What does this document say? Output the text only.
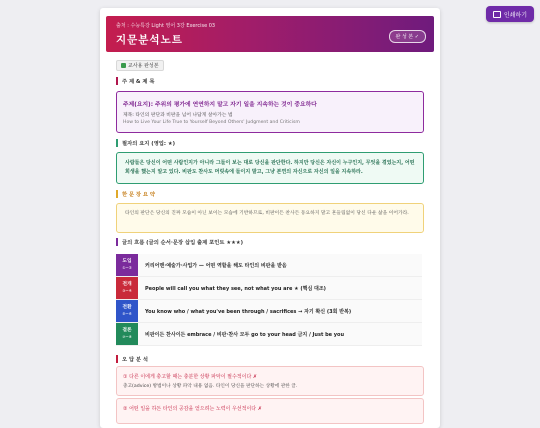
인쇄하기
출처 : 수능특강 Light 영어 3강 Exercise 03
지문분석노트	완 성 본 ✓
교사용 완성본
주 제 & 제 목
주제(요지): 주위의 평가에 연연하지 말고 자기 일을 지속하는 것이 중요하다
제목: 타인의 판단과 비판을 넘어 나답게 살아가는 법
How to Live Your Life True to Yourself Beyond Others' Judgment and Criticism
필자의 요지 (영업: ★)
사람들은 당신이 어떤 사람인지가 아니라 그들이 보는 대로 당신을 판단한다. 하지만 당신은 자신이 누구인지, 무엇을 겪었는지, 어떤 희생을 했는지 알고 있다. 비판도 찬사도 머릿속에 들이지 말고, 그냥 본연의 자신으로 자신의 일을 지속하라.
한 문 장 요 약
타인의 판단은 당신의 진짜 모습이 아닌 보이는 모습에 기반하므로, 비판이든 찬사든 동요하지 말고 흔들림없이 당신 다운 삶을 이어가라.
글의 흐름 (글의 순서·문장 삽입 출제 포인트 ★★★)
도입
①~②	커리어맨·예술가·사업가 — 어떤 역할을 해도 타인의 비판을 받음
전개
③~④	People will call you what they see, not what you are ★ (핵심 대조)
전환
⑤~⑥	You know who / what you've been through / sacrifices → 자기 확신 (3회 반복)
결론
⑦~⑧	비판이든 찬사이든 embrace / 비판·찬사 모두 go to your head 금지 / Just be you
오 답 분 석
① 다른 이에게 충고할 때는 충분한 상황 파악이 필수적이다 ✗
충고(advice) 방법이나 상황 파악 내용 없음. 타인이 당신을 판단하는 상황에 관한 글.
② 어떤 일을 하든 타인의 공감을 얻으려는 노력이 우선적이다 ✗
